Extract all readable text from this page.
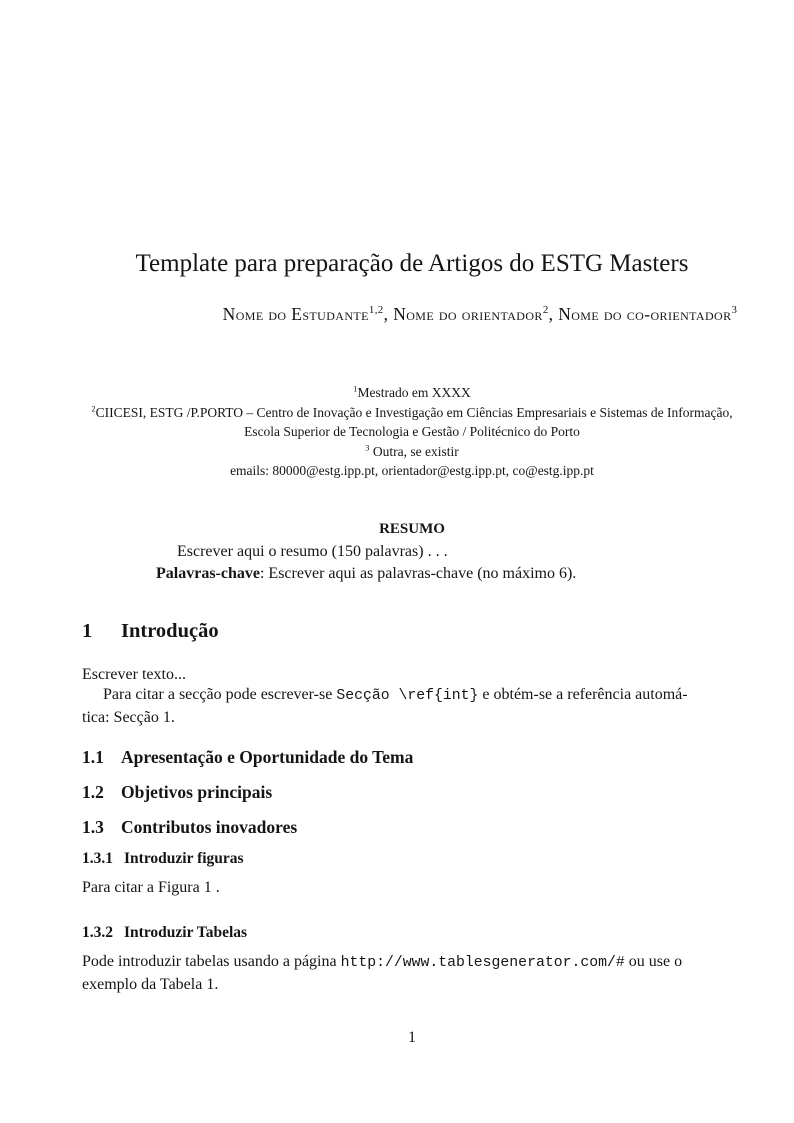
Template para preparação de Artigos do ESTG Masters
Nome do Estudante$^{1,2}$, Nome do orientador$^2$, Nome do co-orientador$^3$
$^1$Mestrado em XXXX
$^2$CIICESI, ESTG /P.PORTO – Centro de Inovação e Investigação em Ciências Empresariais e Sistemas de Informação, Escola Superior de Tecnologia e Gestão / Politécnico do Porto
$^3$ Outra, se existir
emails: 80000@estg.ipp.pt, orientador@estg.ipp.pt, co@estg.ipp.pt
RESUMO
Escrever aqui o resumo (150 palavras) . . .
Palavras-chave: Escrever aqui as palavras-chave (no máximo 6).
1 Introdução

Escrever texto...

Para citar a secção pode escrever-se Secção \ref{int} e obtém-se a referência automá-
tica: Secção 1.

1.1 Apresentação e Oportunidade do Tema
1.2 Objetivos principais
1.3 Contributos inovadores
1.3.1 Introduzir figuras

Para citar a Figura 1 .

1.3.2 Introduzir Tabelas

Pode introduzir tabelas usando a página http://www.tablesgenerator.com/# ou use o
exemplo da Tabela 1.

1
